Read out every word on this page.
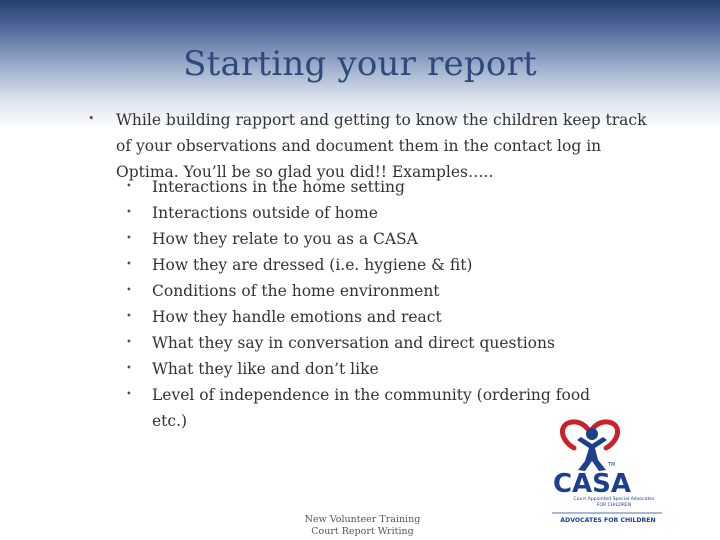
Starting your report
• While building rapport and getting to know the children keep track of your observations and document them in the contact log in Optima. You’ll be so glad you did!! Examples…..
• Interactions in the home setting
• Interactions outside of home
• How they relate to you as a CASA
• How they are dressed (i.e. hygiene & fit)
• Conditions of the home environment
• How they handle emotions and react
• What they say in conversation and direct questions
• What they like and don’t like
• Level of independence in the community (ordering food
etc.)
New Volunteer Training
Court Report Writing
TM
CASA
Court Appointed Special Advocates
FOR CHILDREN
ADVOCATES FOR CHILDREN
